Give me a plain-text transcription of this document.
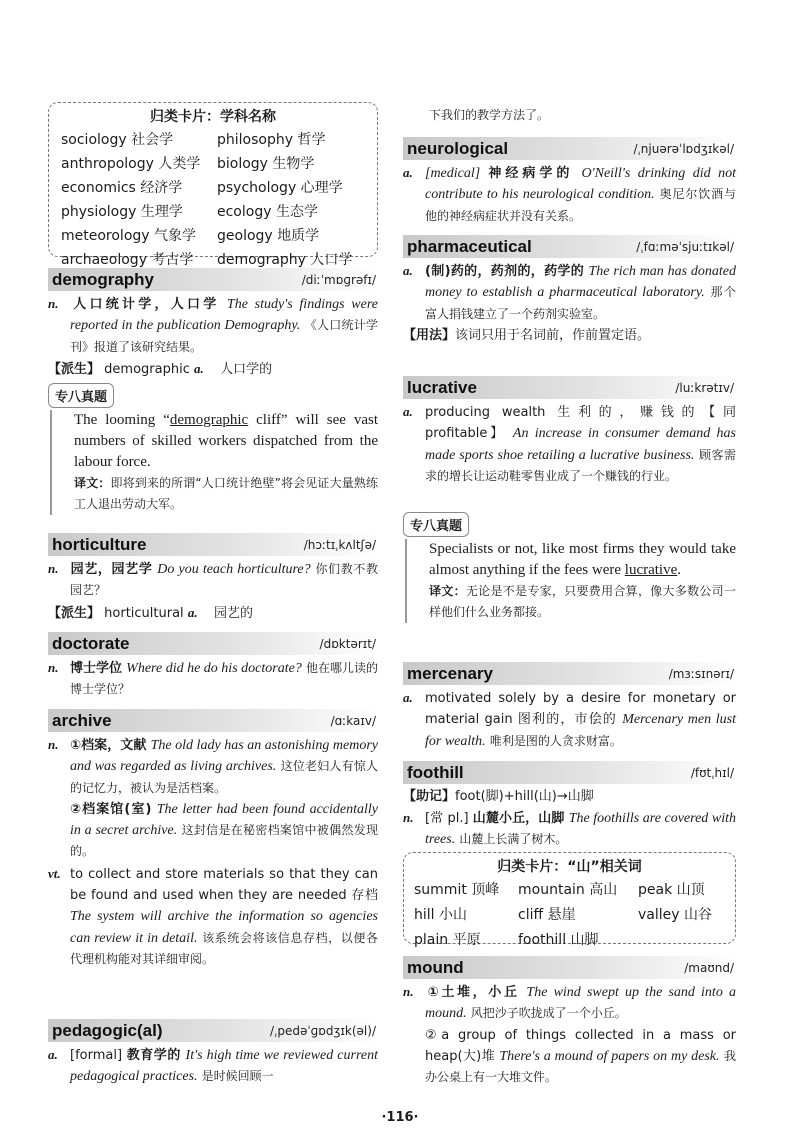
归类卡片：学科名称
sociology 社会学	philosophy 哲学
anthropology 人类学	biology 生物学
economics 经济学	psychology 心理学
physiology 生理学	ecology 生态学
meteorology 气象学	geology 地质学
archaeology 考古学	demography 人口学
demography	/diːˈmɒɡrəfɪ/
n. 人口统计学，人口学 The study's findings were reported in the publication Demography. 《人口统计学刊》报道了该研究结果。
【派生】 demographic a. 人口学的
专八真题
The looming “demographic cliff” will see vast numbers of skilled workers dispatched from the labour force.
译文：即将到来的所谓“人口统计绝壁”将会见证大量熟练工人退出劳动大军。
horticulture	/hɔːtɪˌkʌltʃə/
n. 园艺，园艺学 Do you teach horticulture? 你们教不教园艺？
【派生】 horticultural a. 园艺的
doctorate	/dɒktərɪt/
n. 博士学位 Where did he do his doctorate? 他在哪儿读的博士学位？
archive	/ɑːkaɪv/
n. ①档案，文献 The old lady has an astonishing memory and was regarded as living archives. 这位老妇人有惊人的记忆力，被认为是活档案。
②档案馆(室) The letter had been found accidentally in a secret archive. 这封信是在秘密档案馆中被偶然发现的。
vt. to collect and store materials so that they can be found and used when they are needed 存档 The system will archive the information so agencies can review it in detail. 该系统会将该信息存档，以便各代理机构能对其详细审阅。
pedagogic(al)	/ˌpedəˈɡɒdʒɪk(əl)/
a. [formal] 教育学的 It's high time we reviewed current pedagogical practices. 是时候回顾一
下我们的教学方法了。
neurological	/ˌnjuərəˈlɒdʒɪkəl/
a. [medical] 神经病学的 O'Neill's drinking did not contribute to his neurological condition. 奥尼尔饮酒与他的神经病症状并没有关系。
pharmaceutical	/ˌfɑːməˈsjuːtɪkəl/
a. (制)药的，药剂的，药学的 The rich man has donated money to establish a pharmaceutical laboratory. 那个富人捐钱建立了一个药剂实验室。
【用法】该词只用于名词前，作前置定语。
lucrative	/luːkrətɪv/
a. producing wealth 生利的，赚钱的【同 profitable】 An increase in consumer demand has made sports shoe retailing a lucrative business. 顾客需求的增长让运动鞋零售业成了一个赚钱的行业。
专八真题
Specialists or not, like most firms they would take almost anything if the fees were lucrative.
译文：无论是不是专家，只要费用合算，像大多数公司一样他们什么业务都接。
mercenary	/mɜːsɪnərɪ/
a. motivated solely by a desire for monetary or material gain 图利的，市侩的 Mercenary men lust for wealth. 唯利是图的人贪求财富。
foothill	/fʊtˌhɪl/
【助记】foot(脚)+hill(山)→山脚
n. [常 pl.] 山麓小丘，山脚 The foothills are covered with trees. 山麓上长满了树木。
归类卡片：“山”相关词
summit 顶峰	mountain 高山	peak 山顶
hill 小山	cliff 悬崖	valley 山谷
plain 平原	foothill 山脚
mound	/maʊnd/
n. ①土堆，小丘 The wind swept up the sand into a mound. 风把沙子吹拢成了一个小丘。
②a group of things collected in a mass or heap(大)堆 There's a mound of papers on my desk. 我办公桌上有一大堆文件。
·116·
